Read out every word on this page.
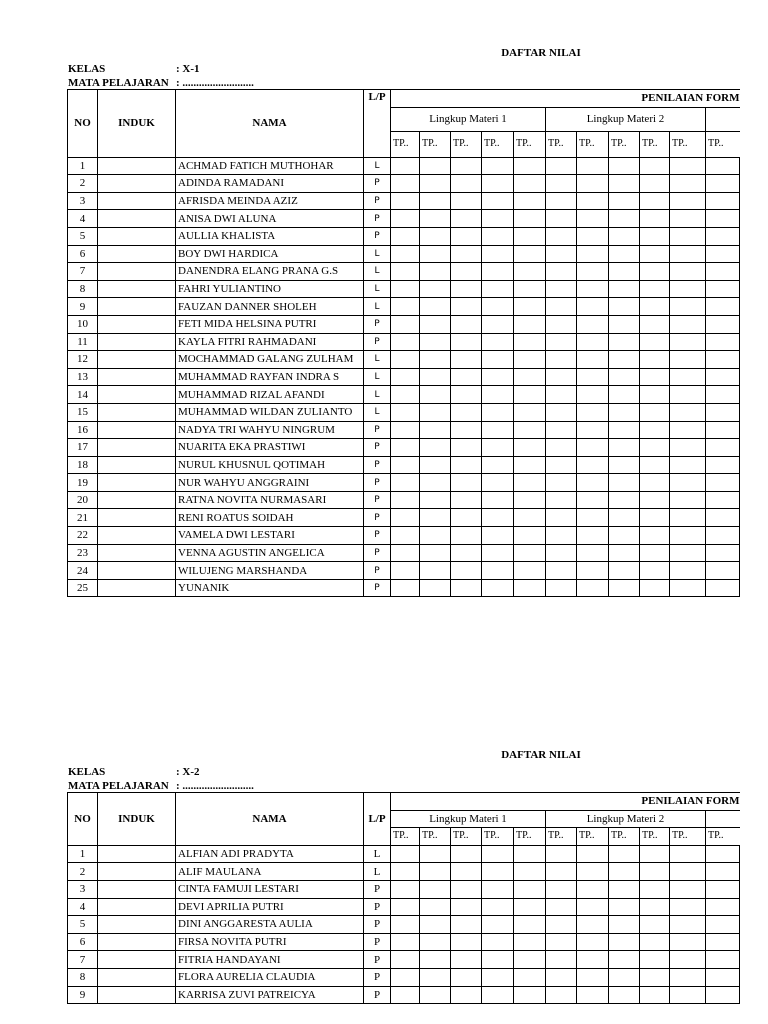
DAFTAR NILAI
KELAS	: X-1
MATA PELAJARAN : ..........................
NO	INDUK	NAMA	L/P	PENILAIAN FORM										
				Lingkup Materi 1					Lingkup Materi 2					
				TP..	TP..	TP..	TP..	TP..	TP..	TP..	TP..	TP..	TP..	TP..
1		ACHMAD FATICH MUTHOHAR	L											
2		ADINDA RAMADANI	P											
3		AFRISDA MEINDA AZIZ	P											
4		ANISA DWI ALUNA	P											
5		AULLIA KHALISTA	P											
6		BOY DWI HARDICA	L											
7		DANENDRA ELANG PRANA G.S	L											
8		FAHRI YULIANTINO	L											
9		FAUZAN DANNER SHOLEH	L											
10		FETI MIDA HELSINA PUTRI	P											
11		KAYLA FITRI RAHMADANI	P											
12		MOCHAMMAD GALANG ZULHAM	L											
13		MUHAMMAD RAYFAN INDRA S	L											
14		MUHAMMAD RIZAL AFANDI	L											
15		MUHAMMAD WILDAN ZULIANTO	L											
16		NADYA TRI WAHYU NINGRUM	P											
17		NUARITA EKA PRASTIWI	P											
18		NURUL KHUSNUL QOTIMAH	P											
19		NUR WAHYU ANGGRAINI	P											
20		RATNA NOVITA NURMASARI	P											
21		RENI ROATUS SOIDAH	P											
22		VAMELA DWI LESTARI	P											
23		VENNA AGUSTIN ANGELICA	P											
24		WILUJENG MARSHANDA	P											
25		YUNANIK	P											
DAFTAR NILAI
KELAS	: X-2
MATA PELAJARAN : ..........................
NO	INDUK	NAMA	L/P	PENILAIAN FORM										
				Lingkup Materi 1					Lingkup Materi 2					
				TP..	TP..	TP..	TP..	TP..	TP..	TP..	TP..	TP..	TP..	TP..
1		ALFIAN ADI PRADYTA	L											
2		ALIF MAULANA	L											
3		CINTA FAMUJI LESTARI	P											
4		DEVI APRILIA PUTRI	P											
5		DINI ANGGARESTA AULIA	P											
6		FIRSA NOVITA PUTRI	P											
7		FITRIA HANDAYANI	P											
8		FLORA AURELIA CLAUDIA	P											
9		KARRISA ZUVI PATREICYA	P											
